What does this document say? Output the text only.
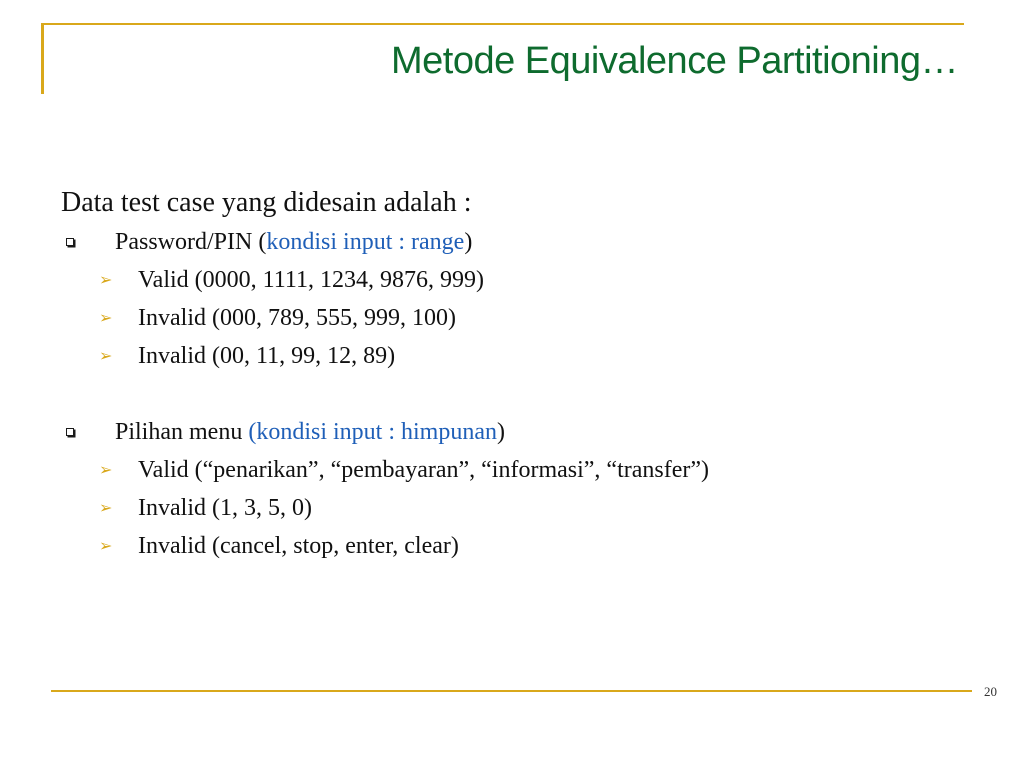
Metode Equivalence Partitioning…
Data test case yang didesain adalah :
Password/PIN (kondisi input : range)
➢ Valid (0000, 1111, 1234, 9876, 999)
➢ Invalid (000, 789, 555, 999, 100)
➢ Invalid (00, 11, 99, 12, 89)
Pilihan menu (kondisi input : himpunan)
➢ Valid (“penarikan”, “pembayaran”, “informasi”, “transfer”)
➢ Invalid (1, 3, 5, 0)
➢ Invalid (cancel, stop, enter, clear)
20
